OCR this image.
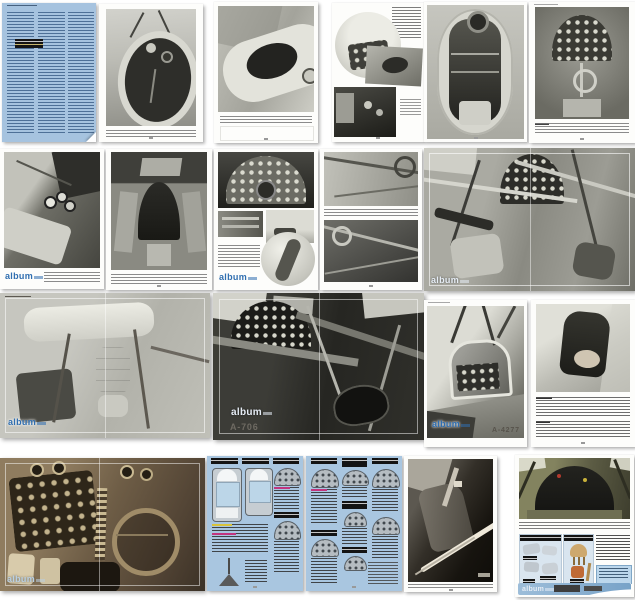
album	album	album
album
album
A-706	album
A-4277
album
album
